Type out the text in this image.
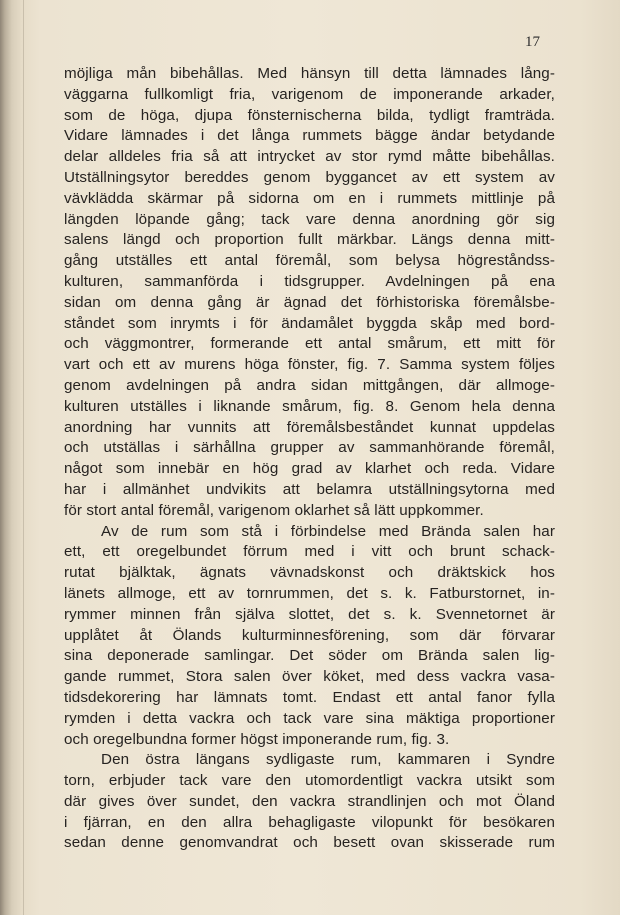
17
möjliga mån bibehållas. Med hänsyn till detta lämnades lång-
väggarna fullkomligt fria, varigenom de imponerande arkader,
som de höga, djupa fönsternischerna bilda, tydligt framträda.
Vidare lämnades i det långa rummets bägge ändar betydande
delar alldeles fria så att intrycket av stor rymd måtte bibehållas.
Utställningsytor bereddes genom byggancet av ett system av
vävklädda skärmar på sidorna om en i rummets mittlinje på
längden löpande gång; tack vare denna anordning gör sig
salens längd och proportion fullt märkbar. Längs denna mitt-
gång utställes ett antal föremål, som belysa högreståndss-
kulturen, sammanförda i tidsgrupper. Avdelningen på ena
sidan om denna gång är ägnad det förhistoriska föremålsbe-
ståndet som inrymts i för ändamålet byggda skåp med bord-
och väggmontrer, formerande ett antal smårum, ett mitt för
vart och ett av murens höga fönster, fig. 7. Samma system följes
genom avdelningen på andra sidan mittgången, där allmoge-
kulturen utställes i liknande smårum, fig. 8. Genom hela denna
anordning har vunnits att föremålsbeståndet kunnat uppdelas
och utställas i särhållna grupper av sammanhörande föremål,
något som innebär en hög grad av klarhet och reda. Vidare
har i allmänhet undvikits att belamra utställningsytorna med
för stort antal föremål, varigenom oklarhet så lätt uppkommer.
Av de rum som stå i förbindelse med Brända salen har
ett, ett oregelbundet förrum med i vitt och brunt schack-
rutat bjälktak, ägnats vävnadskonst och dräktskick hos
länets allmoge, ett av tornrummen, det s. k. Fatburstornet, in-
rymmer minnen från själva slottet, det s. k. Svennetornet är
upplåtet åt Ölands kulturminnesförening, som där förvarar
sina deponerade samlingar. Det söder om Brända salen lig-
gande rummet, Stora salen över köket, med dess vackra vasa-
tidsdekorering har lämnats tomt. Endast ett antal fanor fylla
rymden i detta vackra och tack vare sina mäktiga proportioner
och oregelbundna former högst imponerande rum, fig. 3.
Den östra längans sydligaste rum, kammaren i Syndre
torn, erbjuder tack vare den utomordentligt vackra utsikt som
där gives över sundet, den vackra strandlinjen och mot Öland
i fjärran, en den allra behagligaste vilopunkt för besökaren
sedan denne genomvandrat och besett ovan skisserade rum
